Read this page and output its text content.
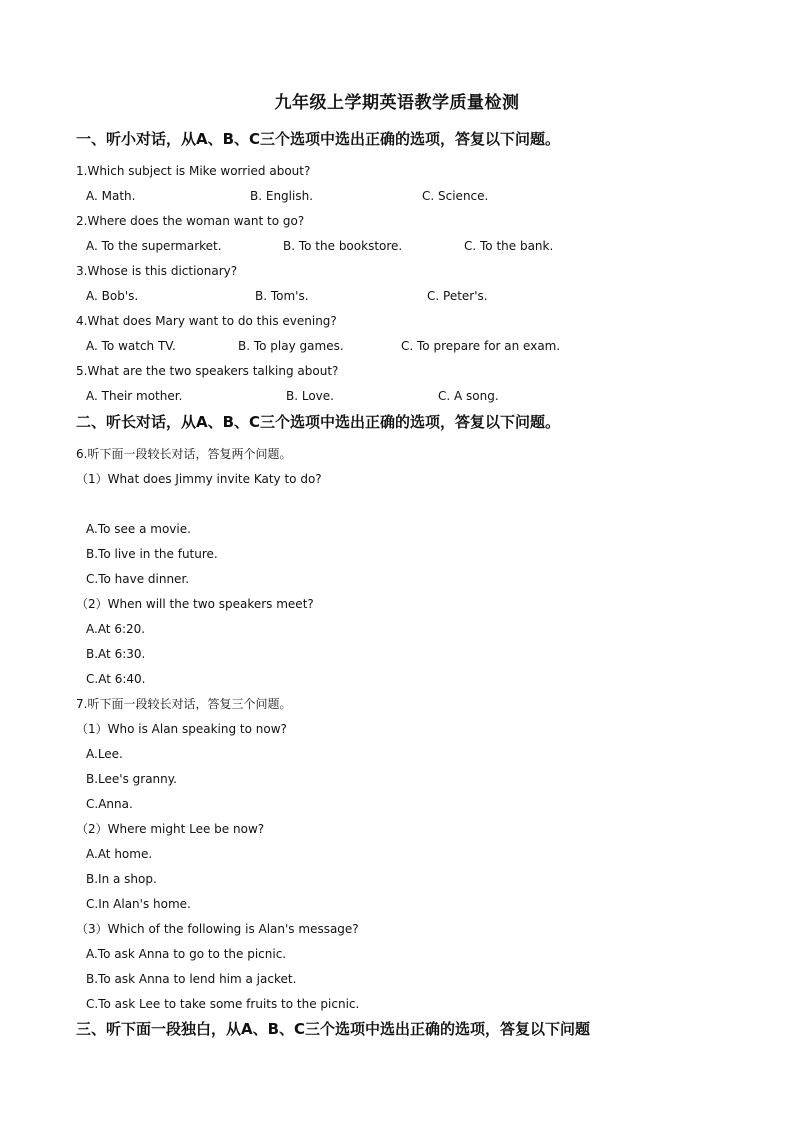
九年级上学期英语教学质量检测
一、听小对话，从A、B、C三个选项中选出正确的选项，答复以下问题。
1.Which subject is Mike worried about?
A. Math.	B. English.	C. Science.
2.Where does the woman want to go?
A. To the supermarket.	B. To the bookstore.	C. To the bank.
3.Whose is this dictionary?
A. Bob's.	B. Tom's.	C. Peter's.
4.What does Mary want to do this evening?
A. To watch TV.	B. To play games.	C. To prepare for an exam.
5.What are the two speakers talking about?
A. Their mother.	B. Love.	C. A song.
二、听长对话，从A、B、C三个选项中选出正确的选项，答复以下问题。
6.听下面一段较长对话，答复两个问题。
（1）What does Jimmy invite Katy to do?
A.To see a movie.
B.To live in the future.
C.To have dinner.
（2）When will the two speakers meet?
A.At 6:20.
B.At 6:30.
C.At 6:40.
7.听下面一段较长对话，答复三个问题。
（1）Who is Alan speaking to now?
A.Lee.
B.Lee's granny.
C.Anna.
（2）Where might Lee be now?
A.At home.
B.In a shop.
C.In Alan's home.
（3）Which of the following is Alan's message?
A.To ask Anna to go to the picnic.
B.To ask Anna to lend him a jacket.
C.To ask Lee to take some fruits to the picnic.
三、听下面一段独白，从A、B、C三个选项中选出正确的选项，答复以下问题
